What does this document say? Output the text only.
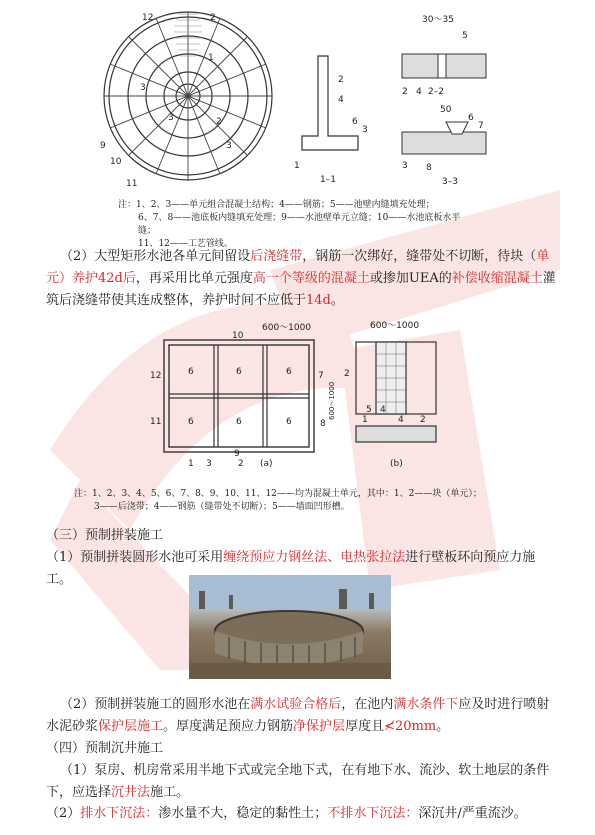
12	2
1
3	2
3
9
10
11
3
2
4
6
3
1
1–1
30～35
5
2 4 2–2
50
6
7
3 8
3–3
注：1、2、3——单元组合混凝土结构；4——钢筋；5——池壁内缝填充处理；
6、7、8——池底板内缝填充处理；9——水池壁单元立缝；10——水池底板水平缝；
11、12——工艺管线。
（2）大型矩形水池各单元间留设后浇缝带，钢筋一次绑好，缝带处不切断，待块（单元）养护42d后，再采用比单元强度高一个等级的混凝土或掺加UEA的补偿收缩混凝土灌筑后浇缝带使其连成整体，养护时间不应低于14d。
600～1000
10
6	6	6
6	6	6
12
11
7
8
1 3
9
2
600～1000
(a)
600～1000
2
5 4
1	4 2
(b)
注：1、2、3、4、5、6、7、8、9、10、11、12——均为混凝土单元，其中：1、2——块（单元）；
3——后浇带；4——钢筋（缝带处不切断）；5——墙面凹形槽。
（三）预制拼装施工
（1）预制拼装圆形水池可采用缠绕预应力钢丝法、电热张拉法进行壁板环向预应力施工。
（2）预制拼装施工的圆形水池在满水试验合格后，在池内满水条件下应及时进行喷射水泥砂浆保护层施工。厚度满足预应力钢筋净保护层厚度且≮20mm。
（四）预制沉井施工
（1）泵房、机房常采用半地下式或完全地下式，在有地下水、流沙、软土地层的条件下，应选择沉井法施工。
（2）排水下沉法：渗水量不大，稳定的黏性土；不排水下沉法：深沉井/严重流沙。
